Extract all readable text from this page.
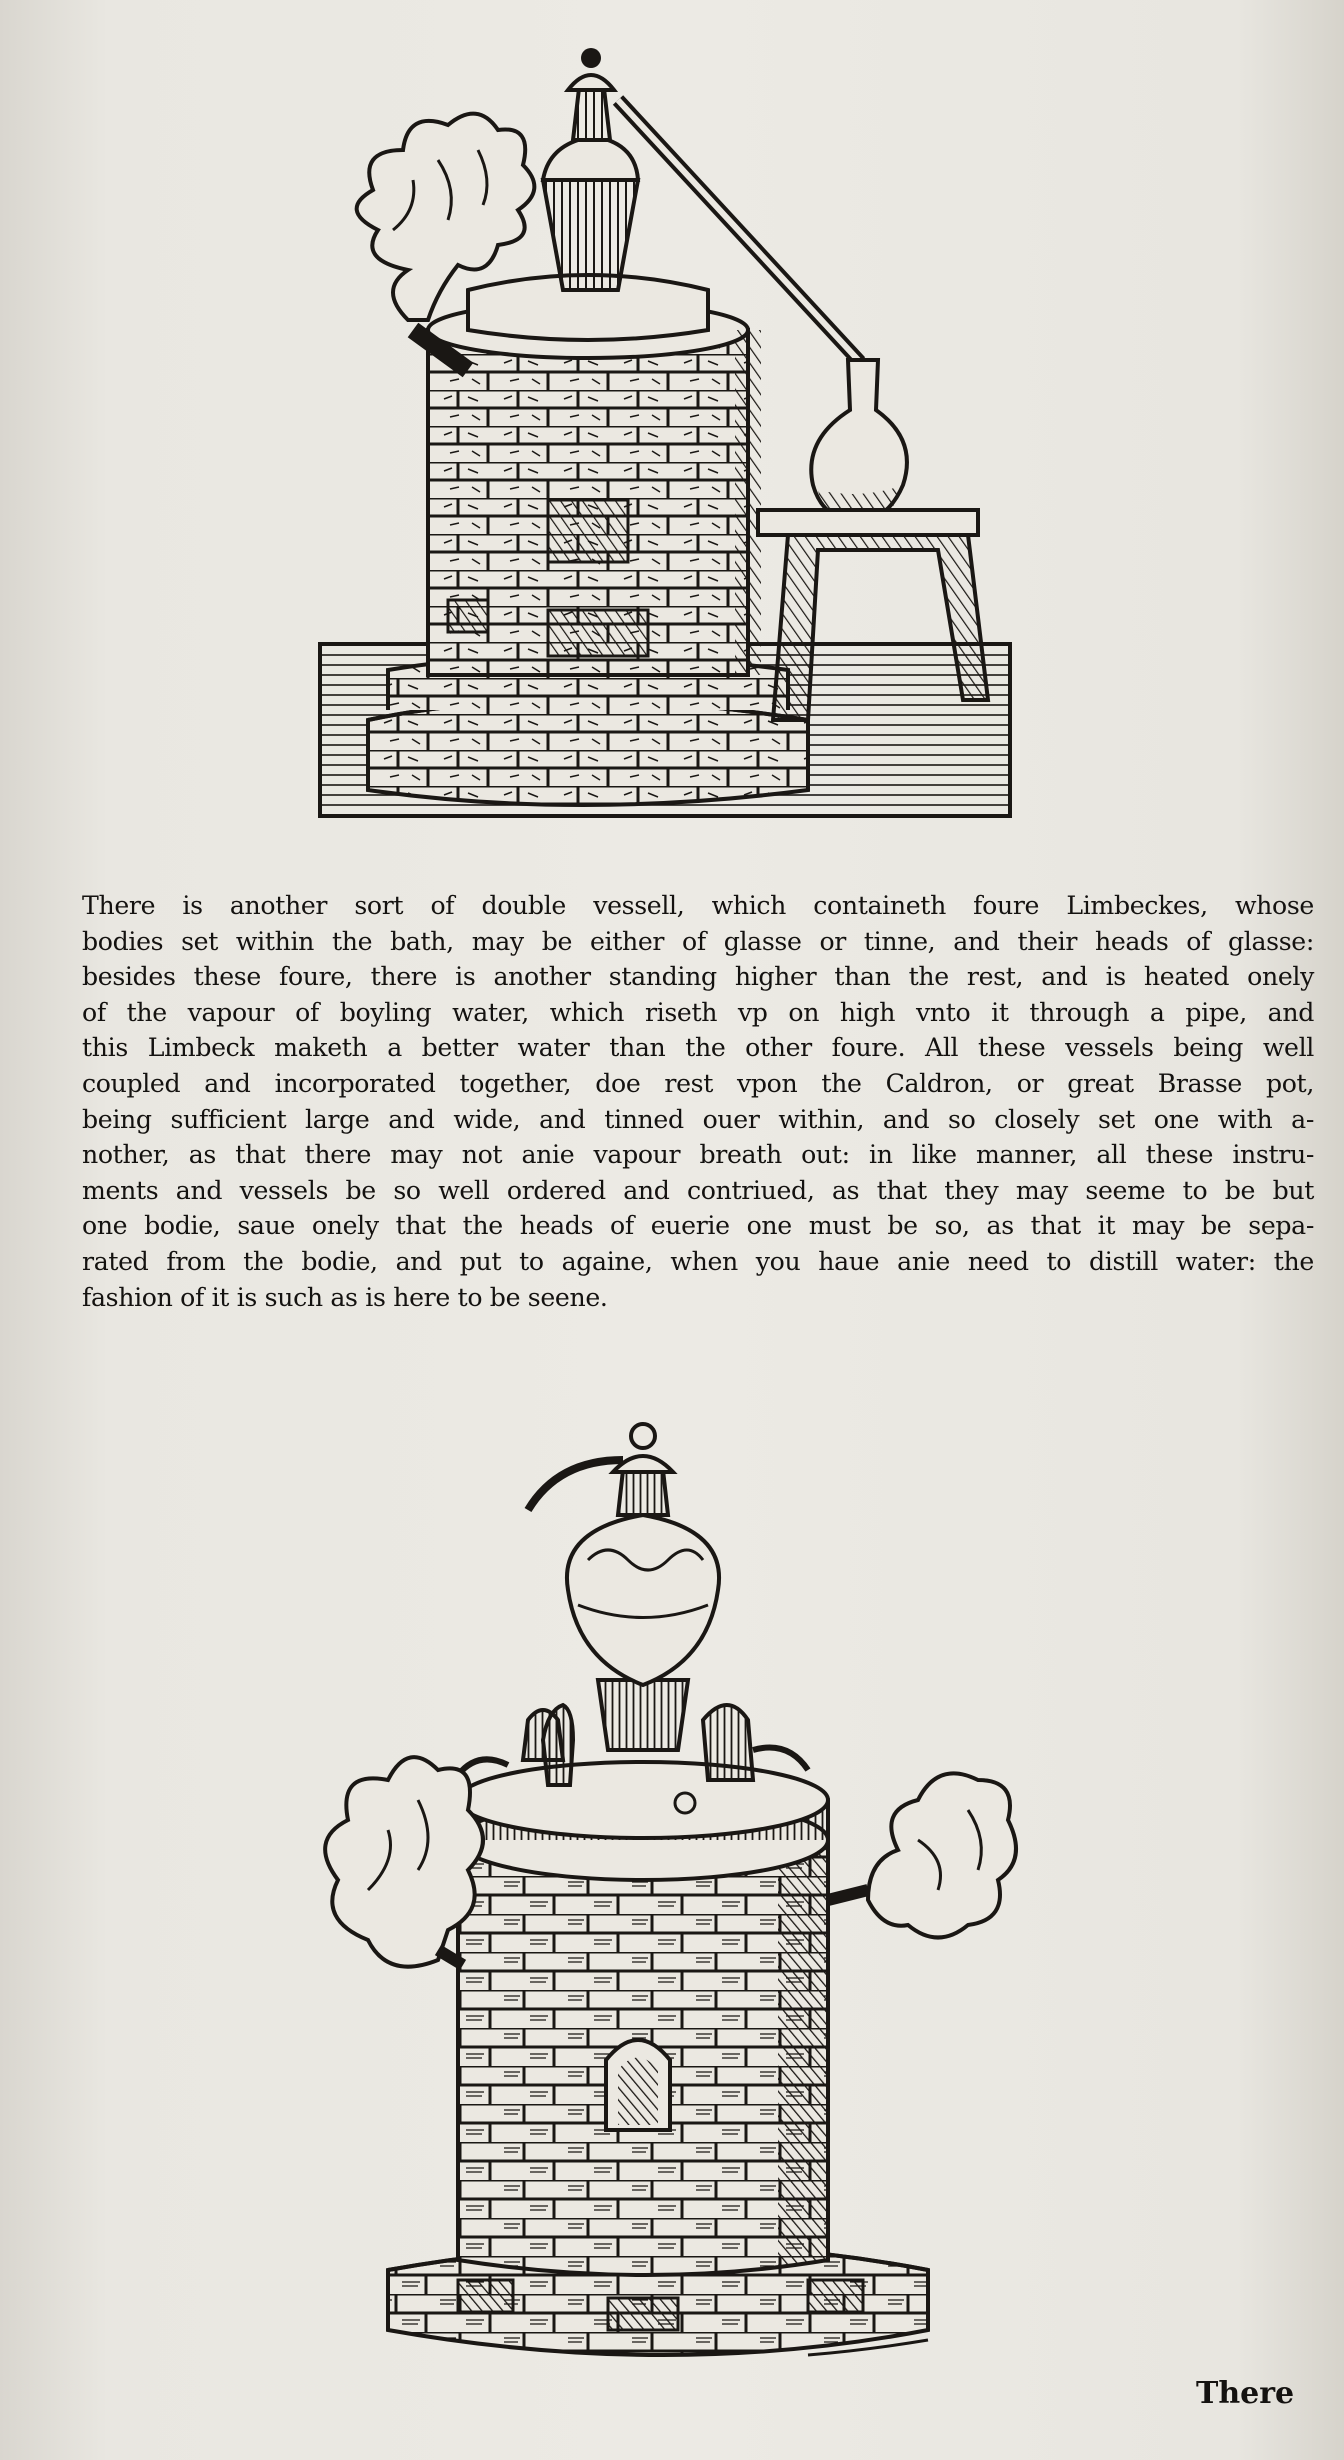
There is another sort of double vessell, which containeth foure Limbeckes, whose
bodies set within the bath, may be either of glasse or tinne, and their heads of glasse:
besides these foure, there is another standing higher than the rest, and is heated onely
of the vapour of boyling water, which riseth vp on high vnto it through a pipe, and
this Limbeck maketh a better water than the other foure. All these vessels being well
coupled and incorporated together, doe rest vpon the Caldron, or great Brasse pot,
being sufficient large and wide, and tinned ouer within, and so closely set one with a-
nother, as that there may not anie vapour breath out: in like manner, all these instru-
ments and vessels be so well ordered and contriued, as that they may seeme to be but
one bodie, saue onely that the heads of euerie one must be so, as that it may be sepa-
rated from the bodie, and put to againe, when you haue anie need to distill water: the
fashion of it is such as is here to be seene.
There
